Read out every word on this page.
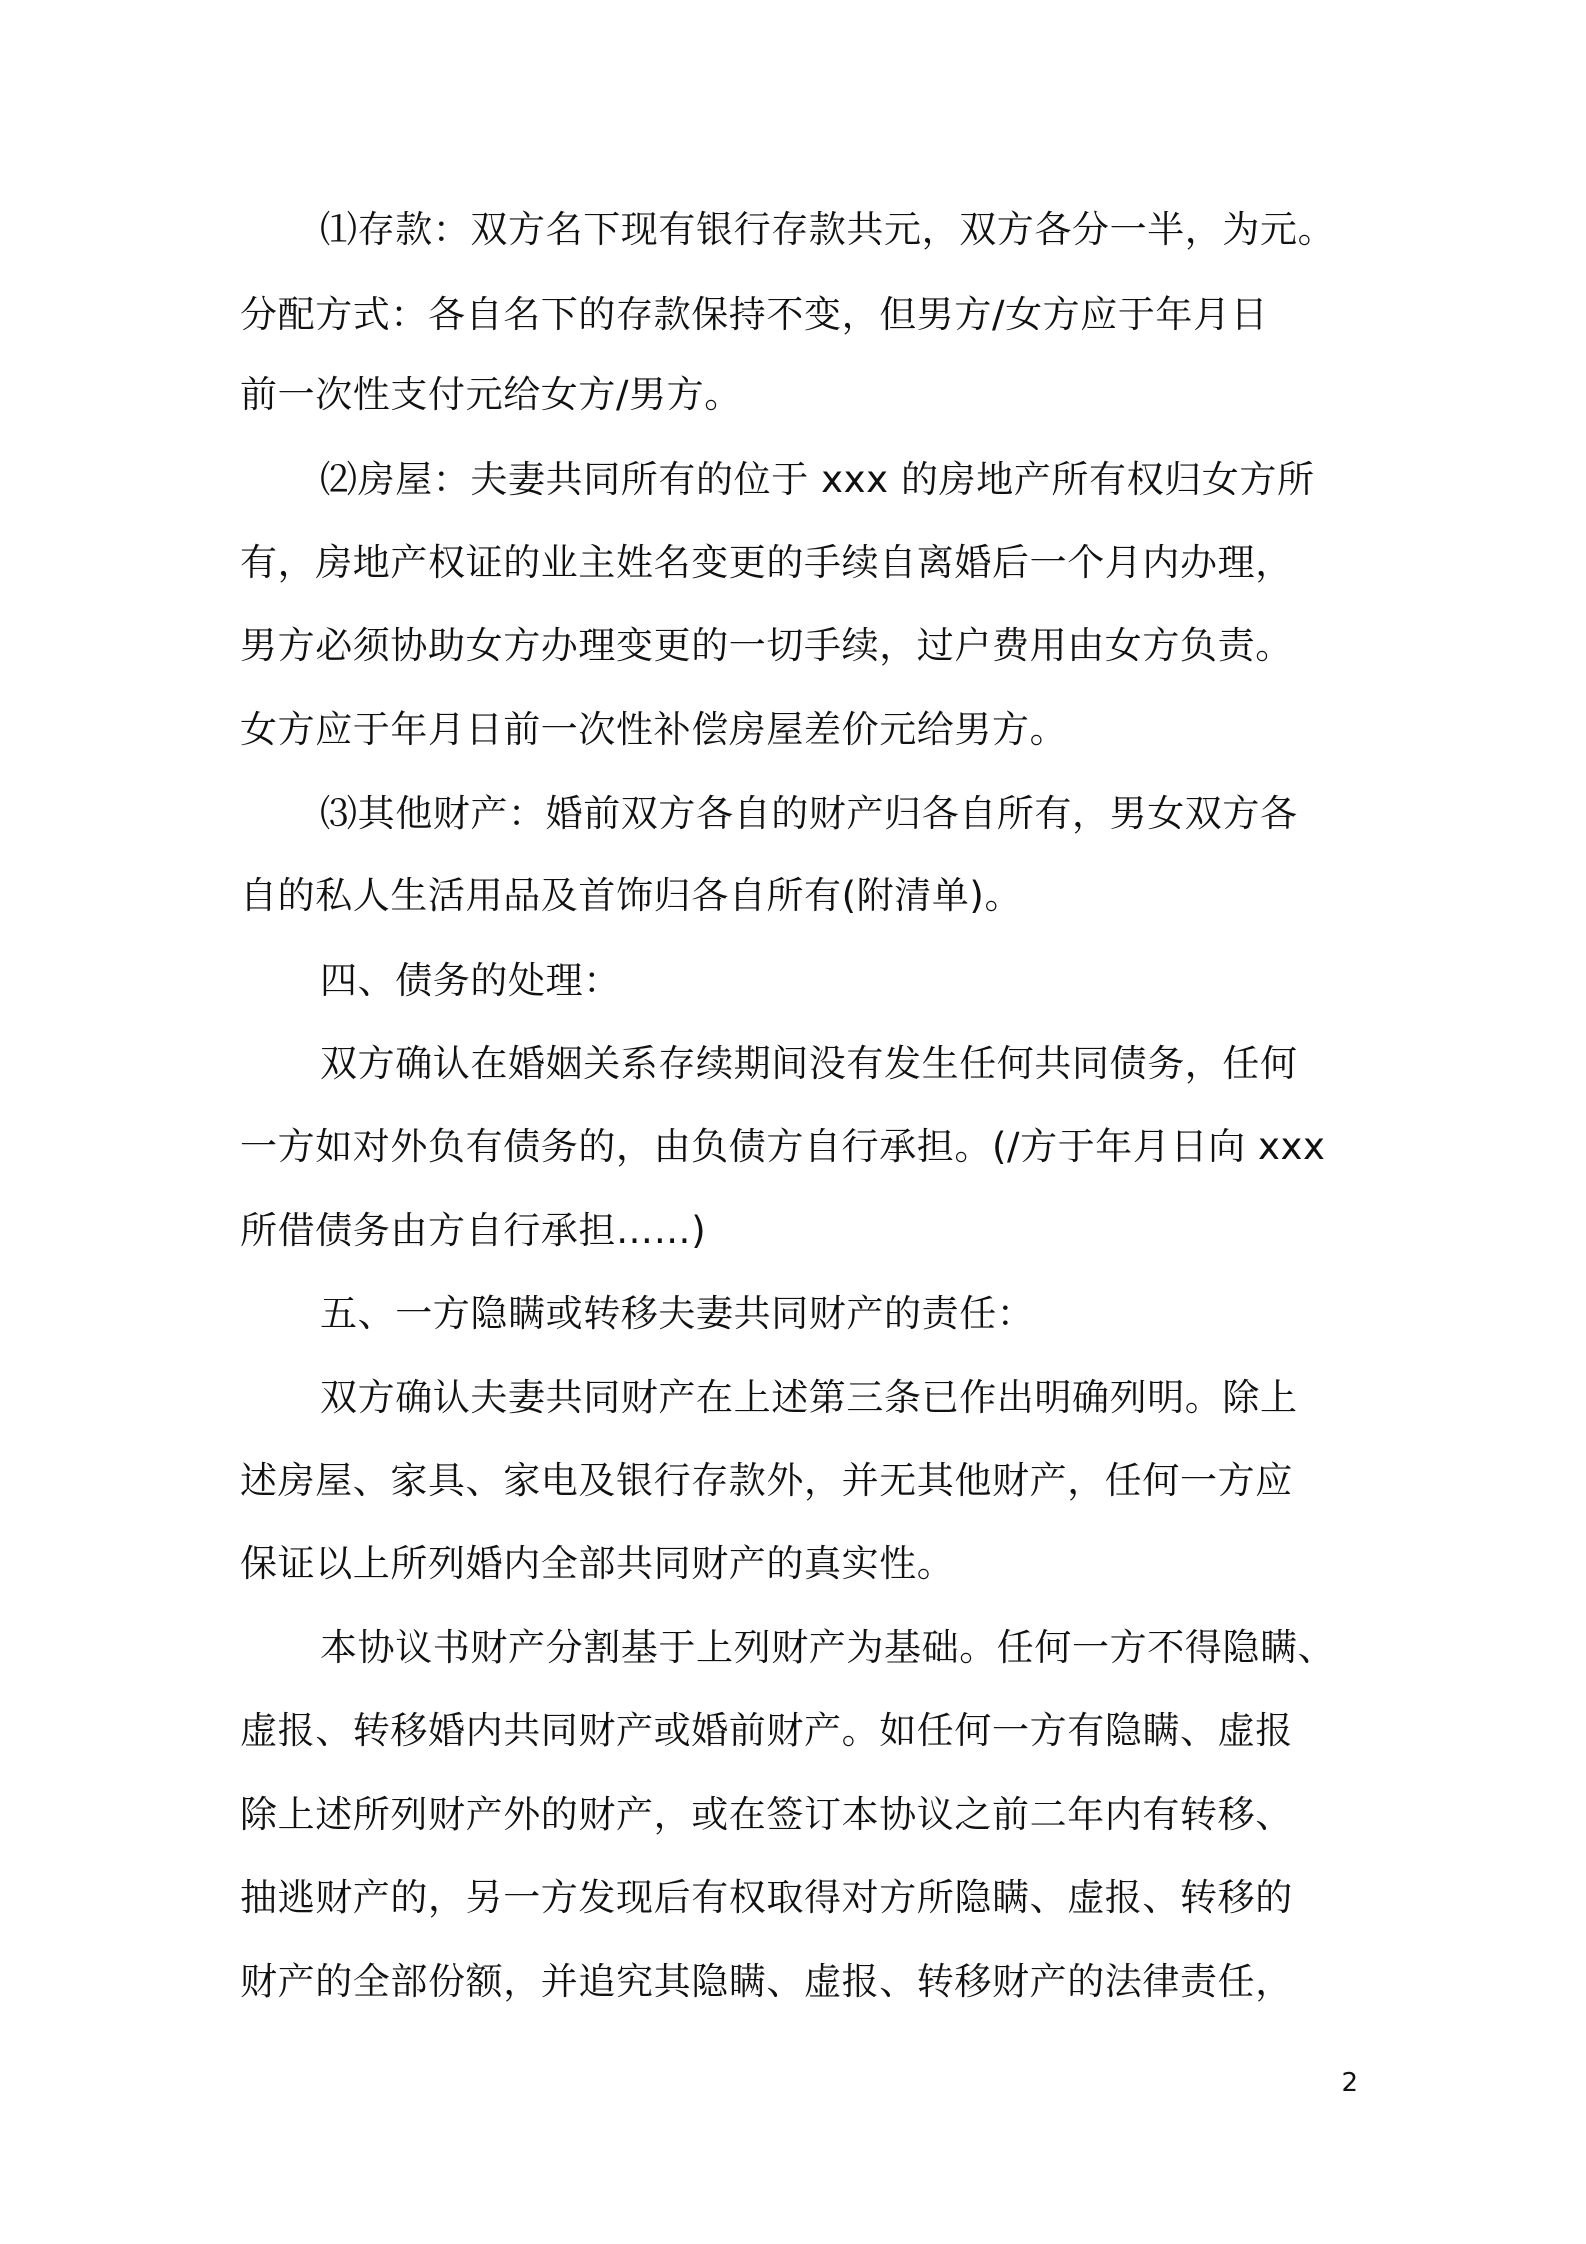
⑴存款：双方名下现有银行存款共元，双方各分一半，为元。
分配方式：各自名下的存款保持不变，但男方/女方应于年月日
前一次性支付元给女方/男方。
⑵房屋：夫妻共同所有的位于 xxx 的房地产所有权归女方所
有，房地产权证的业主姓名变更的手续自离婚后一个月内办理，
男方必须协助女方办理变更的一切手续，过户费用由女方负责。
女方应于年月日前一次性补偿房屋差价元给男方。
⑶其他财产：婚前双方各自的财产归各自所有，男女双方各
自的私人生活用品及首饰归各自所有(附清单)。
四、债务的处理：
双方确认在婚姻关系存续期间没有发生任何共同债务，任何
一方如对外负有债务的，由负债方自行承担。(/方于年月日向 xxx
所借债务由方自行承担……)
五、一方隐瞒或转移夫妻共同财产的责任：
双方确认夫妻共同财产在上述第三条已作出明确列明。除上
述房屋、家具、家电及银行存款外，并无其他财产，任何一方应
保证以上所列婚内全部共同财产的真实性。
本协议书财产分割基于上列财产为基础。任何一方不得隐瞒、
虚报、转移婚内共同财产或婚前财产。如任何一方有隐瞒、虚报
除上述所列财产外的财产，或在签订本协议之前二年内有转移、
抽逃财产的，另一方发现后有权取得对方所隐瞒、虚报、转移的
财产的全部份额，并追究其隐瞒、虚报、转移财产的法律责任，
2
